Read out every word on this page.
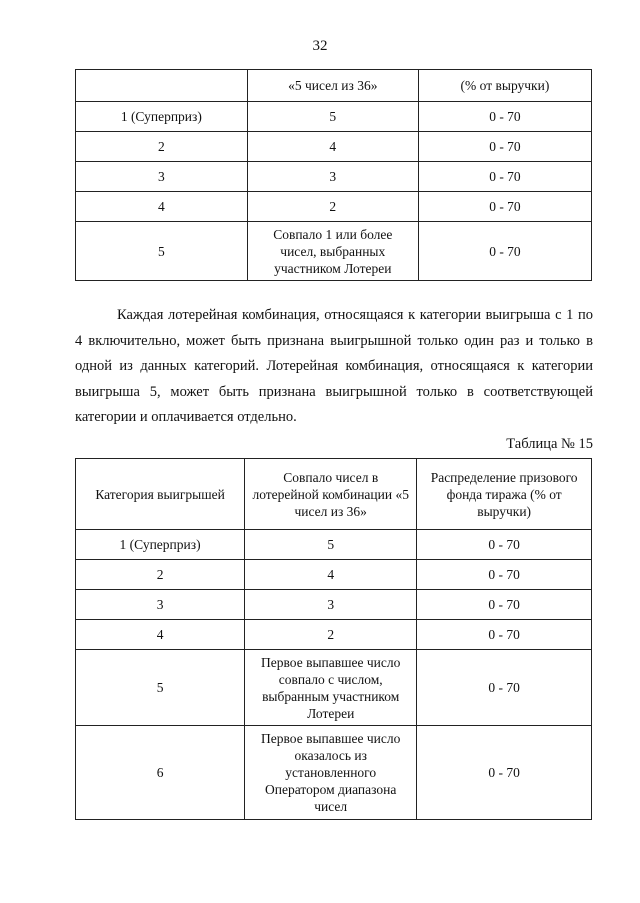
32
	«5 чисел из 36»	(% от выручки)
1 (Суперприз)	5	0 - 70
2	4	0 - 70
3	3	0 - 70
4	2	0 - 70
5	Совпало 1 или более чисел, выбранных участником Лотереи	0 - 70

Каждая лотерейная комбинация, относящаяся к категории выигрыша с 1 по 4 включительно, может быть признана выигрышной только один раз и только в одной из данных категорий. Лотерейная комбинация, относящаяся к категории выигрыша 5, может быть признана выигрышной только в соответствующей категории и оплачивается отдельно.

Таблица № 15
Категория выигрышей	Совпало чисел в лотерейной комбинации «5 чисел из 36»	Распределение призового фонда тиража (% от выручки)
1 (Суперприз)	5	0 - 70
2	4	0 - 70
3	3	0 - 70
4	2	0 - 70
5	Первое выпавшее число совпало с числом, выбранным участником Лотереи	0 - 70
6	Первое выпавшее число оказалось из установленного Оператором диапазона чисел	0 - 70
